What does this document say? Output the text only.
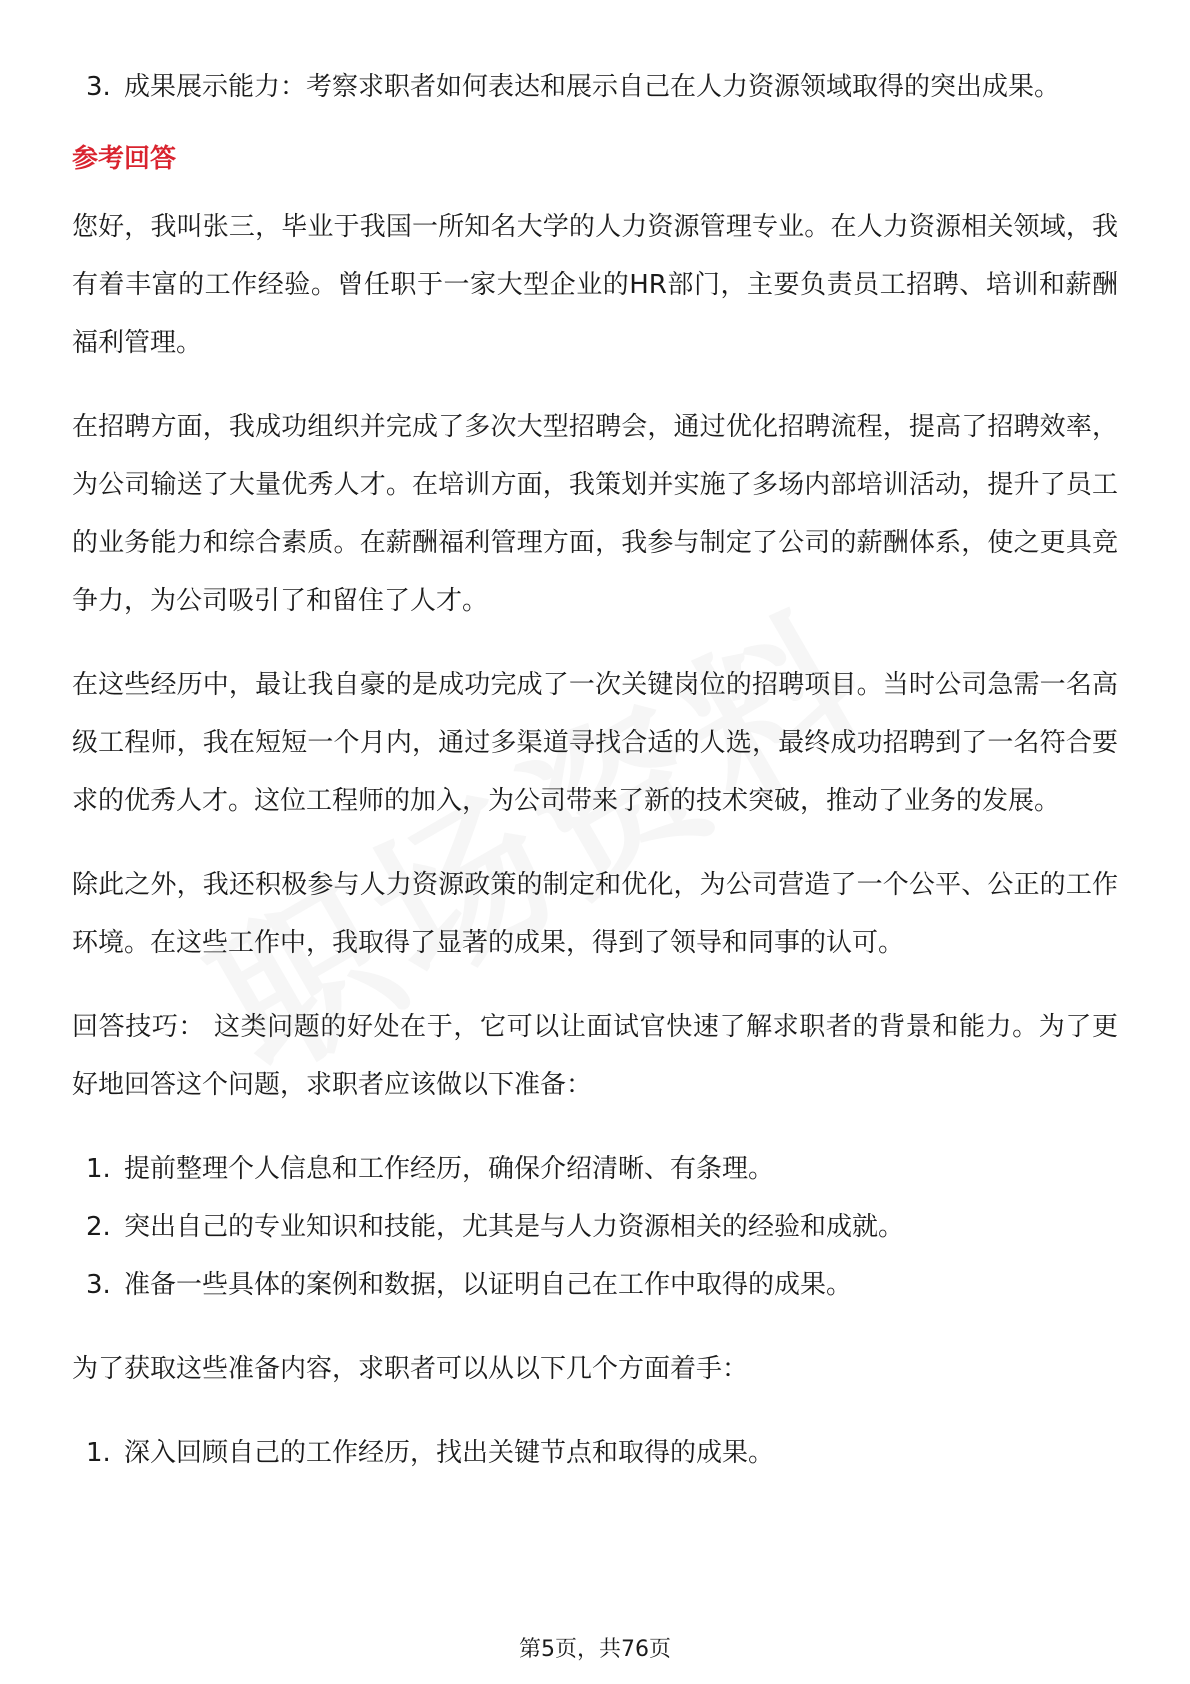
3. 成果展示能力：考察求职者如何表达和展示自己在人力资源领域取得的突出成果。
参考回答

您好，我叫张三，毕业于我国一所知名大学的人力资源管理专业。在人力资源相关领域，我有着丰富的工作经验。曾任职于一家大型企业的HR部门，主要负责员工招聘、培训和薪酬福利管理。

在招聘方面，我成功组织并完成了多次大型招聘会，通过优化招聘流程，提高了招聘效率，为公司输送了大量优秀人才。在培训方面，我策划并实施了多场内部培训活动，提升了员工的业务能力和综合素质。在薪酬福利管理方面，我参与制定了公司的薪酬体系，使之更具竞争力，为公司吸引了和留住了人才。

在这些经历中，最让我自豪的是成功完成了一次关键岗位的招聘项目。当时公司急需一名高级工程师，我在短短一个月内，通过多渠道寻找合适的人选，最终成功招聘到了一名符合要求的优秀人才。这位工程师的加入，为公司带来了新的技术突破，推动了业务的发展。

除此之外，我还积极参与人力资源政策的制定和优化，为公司营造了一个公平、公正的工作环境。在这些工作中，我取得了显著的成果，得到了领导和同事的认可。

回答技巧： 这类问题的好处在于，它可以让面试官快速了解求职者的背景和能力。为了更好地回答这个问题，求职者应该做以下准备：

1. 提前整理个人信息和工作经历，确保介绍清晰、有条理。
2. 突出自己的专业知识和技能，尤其是与人力资源相关的经验和成就。
3. 准备一些具体的案例和数据，以证明自己在工作中取得的成果。

为了获取这些准备内容，求职者可以从以下几个方面着手：

1. 深入回顾自己的工作经历，找出关键节点和取得的成果。
第5页，共76页
